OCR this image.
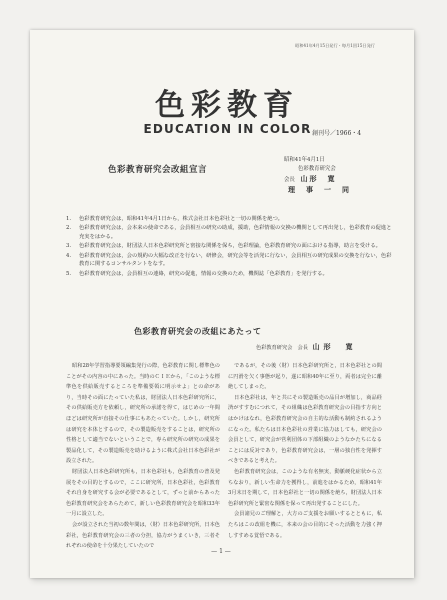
昭和41年4月15日発行・毎月1回15日発行
色彩教育
EDUCATION IN COLOR 創刊号／1966・4
色彩教育研究会改組宣言
昭和41年4月1日
色彩教育研究会
会長 山形　寛
理　事　一　同
1.	色彩教育研究会は，昭和41年4月1日から，株式会社日本色彩社と一切の関係を絶つ。
2.	色彩教育研究会は，会本来の使命である，会員相互の研究の助成，援助，色彩情報の交換の機関として再出発し，色彩教育の促進と充実をはかる。
3.	色彩教育研究会は，財団法人日本色彩研究所と密接な関係を保ち，色彩理論，色彩教育研究の面における指導，助言を受ける。
4.	色彩教育研究会は，会の規約の大幅な改正を行ない，研修会，研究会等を活発に行ない，会員相互の研究成果の交換を行ない，色彩教育に関するコンサルタントをなす。
5.	色彩教育研究会は，会員相互の連絡，研究の促進，情報の交換のため，機関誌「色彩教育」を発行する。
色彩教育研究会の改組にあたって
色彩教育研究会　会長 山形　寛

昭和28年学習指導要領編集発行の際，色彩教育に関し標準色のことがその内容の中にあった。当時のＣＩＥから，「このような標準色を供給販売するところを準備要領に明示せよ」との命があり，当時その面にたっていた私は，財団法人日本色彩研究所に，その供給販売方を依頼し，研究所の承諾を得て，はじめの一年間ほどは研究所が直接その仕事にもあたっていた。しかし，研究所は研究を本体とするので，その製造販売をすることは，研究所の性格として適当でないということで，専ら研究所の研究の成果を製品化して，その製造販売を助けるように株式会社日本色彩社が設立された。

財団法人日本色彩研究所も，日本色彩社も，色彩教育の普及発展をその目的とするので，ここに研究所，日本色彩社，色彩教育それ自身を研究する会が必要であるとして，ずっと前からあった色彩教育研究会をあらためて，新しい色彩教育研究会を昭和33年一月に設立した。

会が設立された当初の数年間は，（財）日本色彩研究所，日本色彩社，色彩教育研究会の三者の分担，協力がうまくいき，三者それぞれの使命を十分果たしていたので

であるが，その後（財）日本色彩研究所と，日本色彩社との間に円滑を欠く事態が起り，遂に昭和40年に至り，両者は完全に離絶してしまった。

日本色彩社は，年と共にその製造販売の品目が増加し，商品経済がすすむにつれて，その組織は色彩教育研究会の目指す方向とはかけはなれ，色彩教育研究会の自主的な活動も制約されるようになった。私たちは日本色彩社の営業に協力はしても，研究会の会員として，研究会が営利団体の下部組織のようなかたちになることには反対であり，色彩教育研究会は，一層の独自性を発揮すべきであると考えた。

色彩教育研究会は，このような有名無実，動脈硬化症状から立ちなおり，新しい生命力を獲得し，前進をはかるため，昭和41年3月末日を期して，日本色彩社と一切の関係を絶ち，財団法人日本色彩研究所と緊密な関係を保って再出発することにした。

会員諸兄のご理解と，大方のご支援をお願いするとともに，私たちはこの改組を機に，本来の会の目的にそった活動を力強く押しすすめる覚悟である。

— 1 —
